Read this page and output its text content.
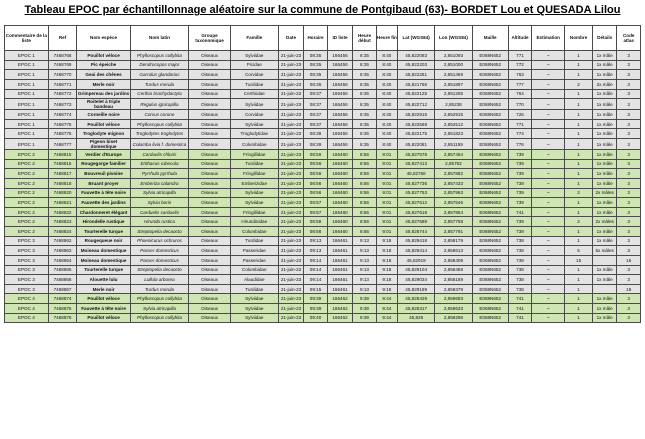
Tableau EPOC par échantillonnage aléatoire sur la commune de Pontgibaud (63)- BORDET Lou et QUESADA Lilou
Commentaire de la liste	Ref	Nom espèce	Nom latin	Groupe taxonomique	Famille	Date	Horaire	ID liste	Heure début	Heure fin	Lat (WGS84)	Lon (WGS84)	Maille	Altitude	Estimation	Nombre	Détails	Code atlas
EPOC 1	7468768	Pouillot véloce	Phylloscopus collybita	Oiseaux	Sylviidae	21-juin-23	08:35	166456	8:35	8:40	45,822083	2,851093	E068N652	771	~	1	1x mâle	3
EPOC 1	7468769	Pic épeiche	Dendrocopos major	Oiseaux	Picidae	21-juin-23	08:35	166456	8:35	8:40	45,822203	2,851000	E068N652	772	~	1	1x mâle	3
EPOC 1	7468770	Geai des chênes	Garrulus glandarius	Oiseaux	Corvidae	21-juin-23	08:35	166456	8:35	8:40	45,822261	2,851469	E068N652	763	~	1	1x mâle	3
EPOC 1	7468771	Merle noir	Turdus merula	Oiseaux	Turdidae	21-juin-23	08:36	166456	8:35	8:40	45,821766	2,851897	E068N652	777	~	2	2x mâle	3
EPOC 1	7468772	Grimpereau des jardins	Certhia brachydactyla	Oiseaux	Certhiidae	21-juin-23	08:37	166456	8:35	8:40	45,822125	2,851265	E068N652	764	~	1	1x mâle	3
EPOC 1	7468773	Roitelet à triple bandeau	Regulus ignicapilla	Oiseaux	Sylviidae	21-juin-23	08:37	166456	8:35	8:40	45,822712	2,85238	E068N652	770	~	1	1x mâle	3
EPOC 1	7468774	Corneille noire	Corvus corone	Oiseaux	Corvidae	21-juin-23	08:37	166456	8:35	8:40	45,822915	2,852915	E068N652	726	~	1	1x mâle	3
EPOC 1	7468775	Pouillot véloce	Phylloscopus collybita	Oiseaux	Sylviidae	21-juin-23	08:37	166456	8:35	8:40	45,822568	2,852512	E068N652	771	~	1	1x mâle	3
EPOC 1	7468776	Troglodyte mignon	Troglodytes troglodytes	Oiseaux	Troglodytidae	21-juin-23	08:38	166456	8:35	8:40	45,822175	2,851823	E068N652	774	~	1	1x mâle	3
EPOC 1	7468777	Pigeon biset domestique	Columba livia f. domestica	Oiseaux	Columbidae	21-juin-23	08:39	166456	8:35	8:40	45,822081	2,851159	E068N652	776	~	1	1x mâle	3
EPOC 2	7468815	Verdier d'Europe	Carduelis chloris	Oiseaux	Fringillidae	21-juin-23	08:56	166460	8:56	9:01	45,827578	2,857464	E068N652	739	~	1	1x mâle	3
EPOC 2	7468816	Rougegorge familier	Erithacus rubecula	Oiseaux	Turdidae	21-juin-23	08:56	166460	8:56	9:01	45,827413	2,85762	E068N652	739	~	1	1x mâle	3
EPOC 2	7468817	Bouvreuil pivoine	Pyrrhula pyrrhula	Oiseaux	Fringillidae	21-juin-23	08:56	166460	8:56	9:01	45,82766	2,857882	E068N652	739	~	1	1x mâle	3
EPOC 2	7468818	Bruant proyer	Emberiza calandra	Oiseaux	Emberizidae	21-juin-23	08:56	166460	8:56	9:01	45,827736	2,857433	E068N652	739	~	1	1x mâle	3
EPOC 2	7468820	Fauvette à tête noire	Sylvia atricapilla	Oiseaux	Sylviidae	21-juin-23	08:56	166460	8:56	9:01	45,827753	2,857963	E068N652	739	~	2	2x mâles	3
EPOC 2	7468821	Fauvette des jardins	Sylvia borin	Oiseaux	Sylviidae	21-juin-23	08:57	166460	8:56	9:01	45,827612	2,857546	E068N652	739	~	1	1x mâle	3
EPOC 2	7468822	Chardonneret élégant	Carduelis carduelis	Oiseaux	Fringillidae	21-juin-23	08:57	166460	8:56	9:01	45,827618	2,857854	E068N652	741	~	1	1x mâle	3
EPOC 2	7468823	Hirondelle rustique	Hirundo rustica	Oiseaux	Hirundinidae	21-juin-23	08:58	166460	8:56	9:01	45,827689	2,857758	E068N652	739	~	2	2x mâles	3
EPOC 2	7468824	Tourterelle turque	Streptopelia decaocto	Oiseaux	Columbidae	21-juin-23	08:58	166460	8:56	9:01	45,826744	2,857791	E068N652	739	~	1	1x mâle	3
EPOC 3	7468862	Rougequeue noir	Phoenicurus ochruros	Oiseaux	Turdidae	21-juin-23	09:13	166461	9:13	9:18	45,829418	2,858179	E068N652	738	~	1	1x mâle	3
EPOC 3	7468863	Moineau domestique	Passer domesticus	Oiseaux	Passeridae	21-juin-23	09:13	166461	9:13	9:18	45,829414	2,858613	E068N652	738	~	5	5x mâles	3
EPOC 3	7468864	Moineau domestique	Passer domesticus	Oiseaux	Passeridae	21-juin-23	09:14	166461	9:13	9:18	45,82919	2,858409	E068N652	738	~	15		16
EPOC 3	7468865	Tourterelle turque	Streptopelia decaocto	Oiseaux	Columbidae	21-juin-23	09:14	166461	9:13	9:18	45,829104	2,858458	E068N652	738	~	1	1x mâle	3
EPOC 3	7468866	Alouette lulu	Lullula arborea	Oiseaux	Alaudidae	21-juin-23	09:14	166461	9:13	9:18	45,829034	2,858189	E068N652	738	~	1	1x mâle	3
EPOC 3	7468867	Merle noir	Turdus merula	Oiseaux	Turdidae	21-juin-23	09:15	166461	9:13	9:18	45,829189	2,858379	E068N652	738	~	1		16
EPOC 4	7468874	Pouillot véloce	Phylloscopus collybita	Oiseaux	Sylviidae	21-juin-23	09:39	166462	9:39	9:44	45,829429	2,859693	E068N652	741	~	1	1x mâle	3
EPOC 4	7468875	Fauvette à tête noire	Sylvia atricapilla	Oiseaux	Sylviidae	21-juin-23	09:39	166462	9:39	9:44	45,826317	2,859633	E068N652	741	~	1	1x mâle	3
EPOC 4	7468876	Pouillot véloce	Phylloscopus collybita	Oiseaux	Sylviidae	21-juin-23	09:40	166462	9:39	9:44	45,826	2,859296	E068N652	741	~	1	1x mâle	3
